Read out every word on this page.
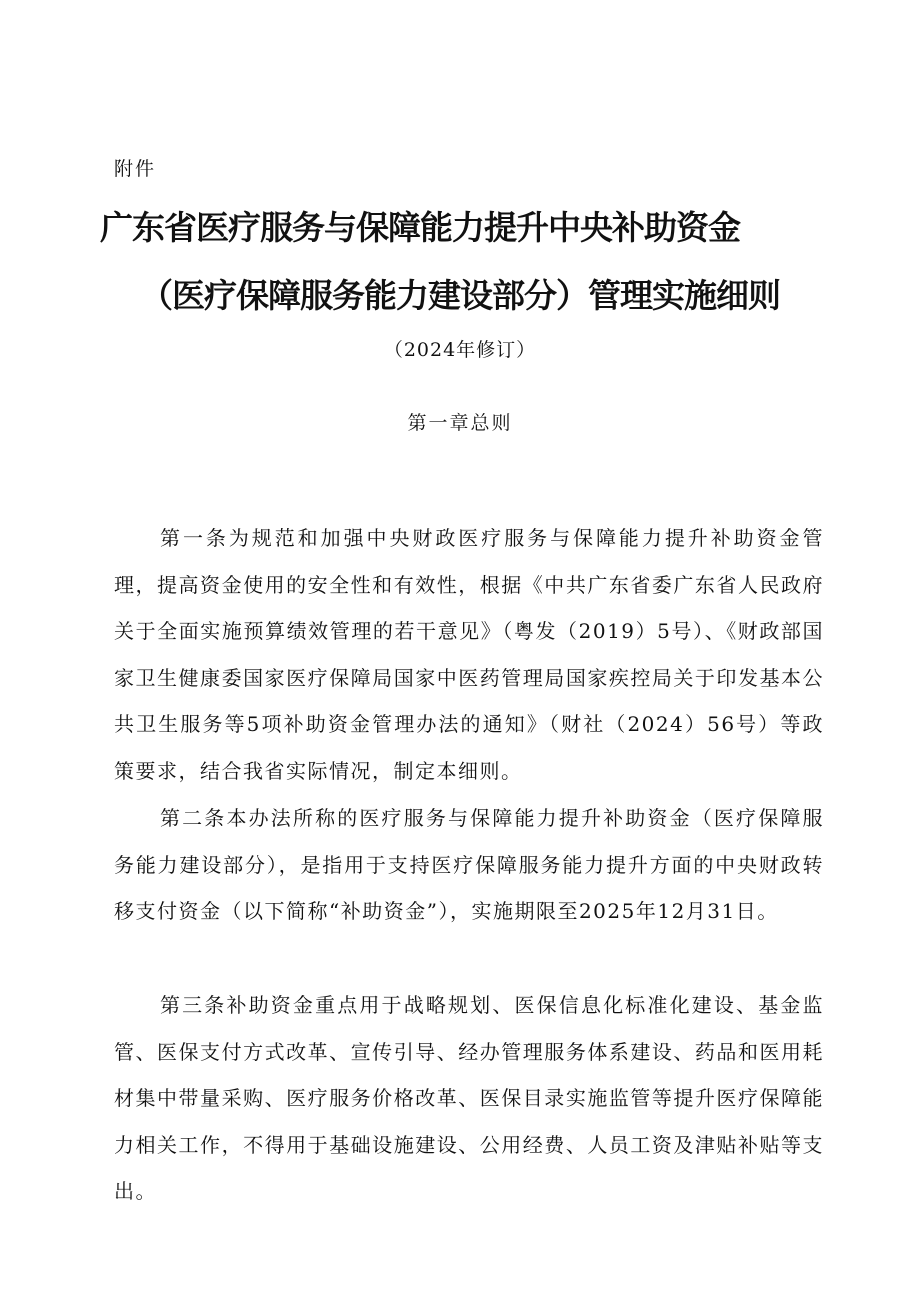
附件
广东省医疗服务与保障能力提升中央补助资金
（医疗保障服务能力建设部分）管理实施细则
（2024年修订）
第一章总则

第一条为规范和加强中央财政医疗服务与保障能力提升补助资金管理，提高资金使用的安全性和有效性，根据《中共广东省委广东省人民政府关于全面实施预算绩效管理的若干意见》（粤发（2019）5号）、《财政部国家卫生健康委国家医疗保障局国家中医药管理局国家疾控局关于印发基本公共卫生服务等5项补助资金管理办法的通知》（财社（2024）56号）等政策要求，结合我省实际情况，制定本细则。

第二条本办法所称的医疗服务与保障能力提升补助资金（医疗保障服务能力建设部分），是指用于支持医疗保障服务能力提升方面的中央财政转移支付资金（以下简称“补助资金”），实施期限至2025年12月31日。

第三条补助资金重点用于战略规划、医保信息化标准化建设、基金监管、医保支付方式改革、宣传引导、经办管理服务体系建设、药品和医用耗材集中带量采购、医疗服务价格改革、医保目录实施监管等提升医疗保障能力相关工作，不得用于基础设施建设、公用经费、人员工资及津贴补贴等支出。
